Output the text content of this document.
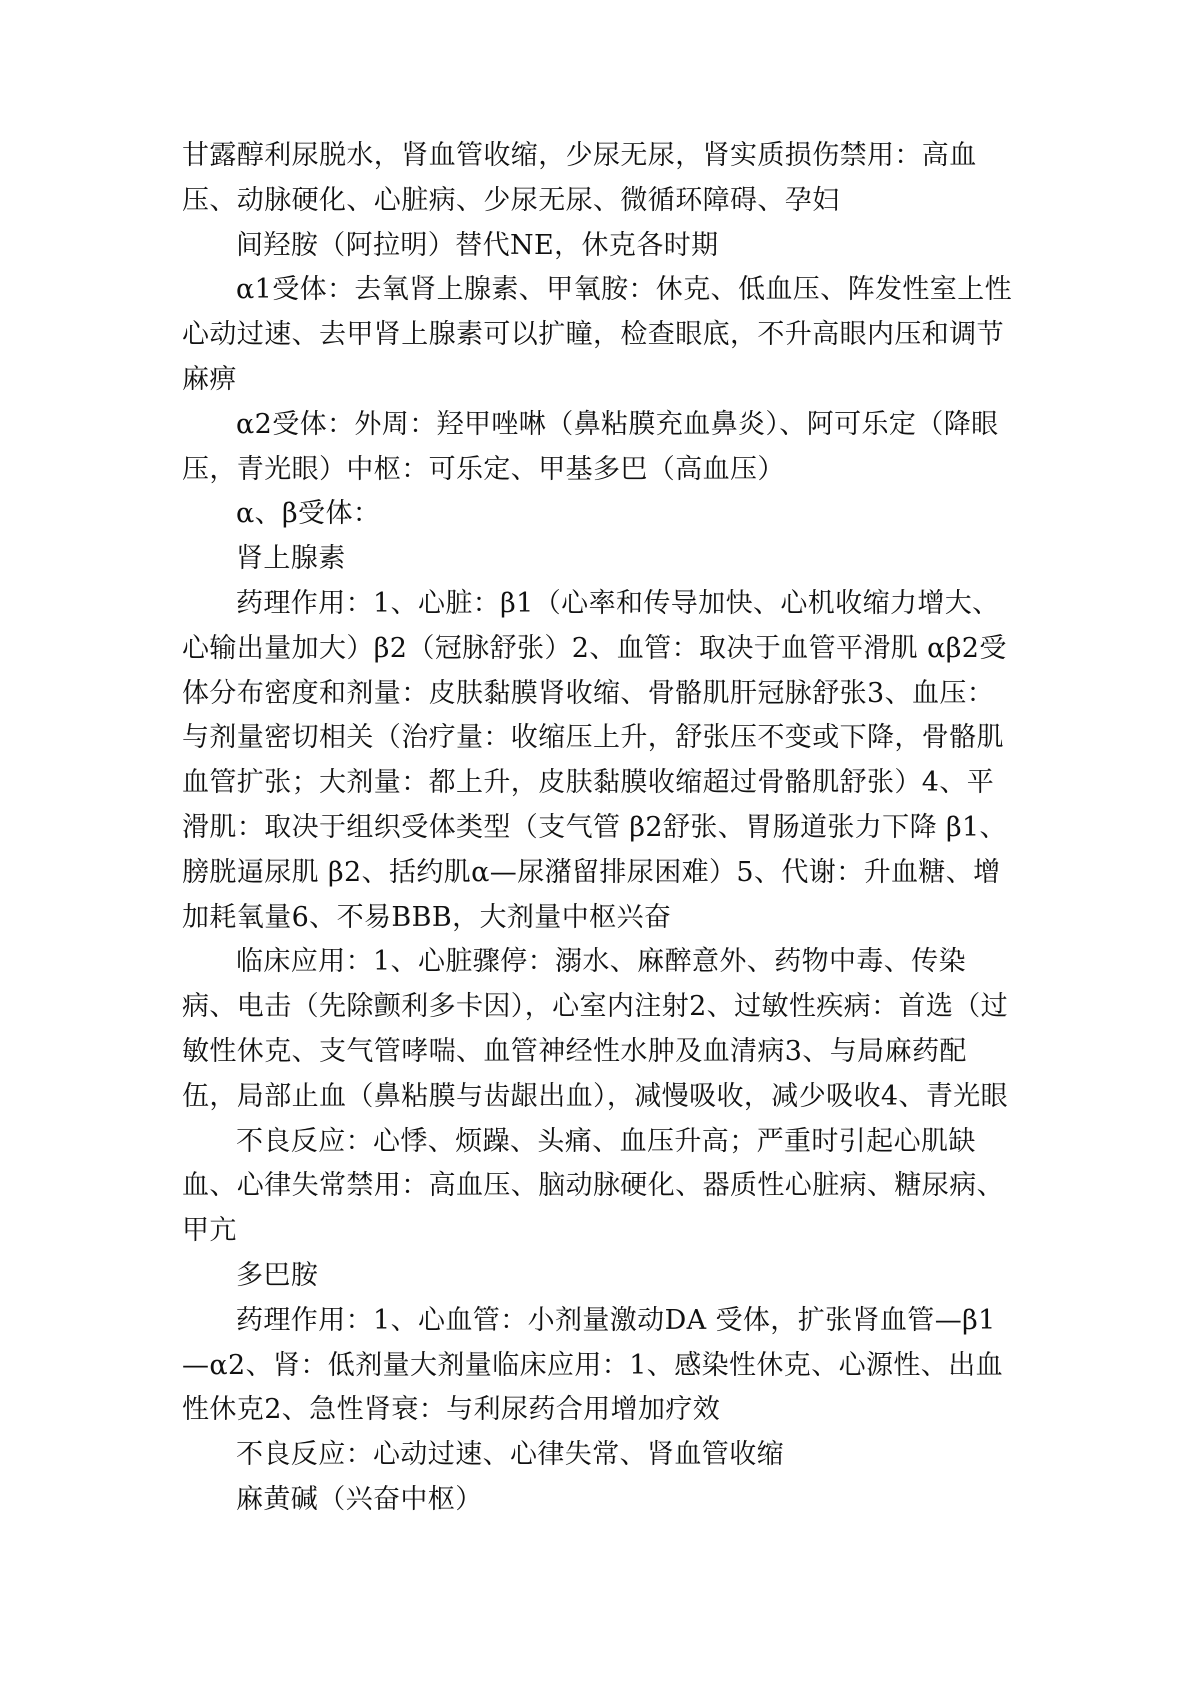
甘露醇利尿脱水，肾血管收缩，少尿无尿，肾实质损伤禁用：高血压、动脉硬化、心脏病、少尿无尿、微循环障碍、孕妇

间羟胺（阿拉明）替代NE，休克各时期

α1受体：去氧肾上腺素、甲氧胺：休克、低血压、阵发性室上性心动过速、去甲肾上腺素可以扩瞳，检查眼底，不升高眼内压和调节麻痹

α2受体：外周：羟甲唑啉（鼻粘膜充血鼻炎）、阿可乐定（降眼压，青光眼）中枢：可乐定、甲基多巴（高血压）

α、β受体：

肾上腺素

药理作用：1、心脏：β1（心率和传导加快、心机收缩力增大、心输出量加大）β2（冠脉舒张）2、血管：取决于血管平滑肌 αβ2受体分布密度和剂量：皮肤黏膜肾收缩、骨骼肌肝冠脉舒张3、血压：与剂量密切相关（治疗量：收缩压上升，舒张压不变或下降，骨骼肌血管扩张；大剂量：都上升，皮肤黏膜收缩超过骨骼肌舒张）4、平滑肌：取决于组织受体类型（支气管 β2舒张、胃肠道张力下降 β1、膀胱逼尿肌 β2、括约肌α—尿潴留排尿困难）5、代谢：升血糖、增加耗氧量6、不易BBB，大剂量中枢兴奋

临床应用：1、心脏骤停：溺水、麻醉意外、药物中毒、传染病、电击（先除颤利多卡因），心室内注射2、过敏性疾病：首选（过敏性休克、支气管哮喘、血管神经性水肿及血清病3、与局麻药配伍，局部止血（鼻粘膜与齿龈出血），减慢吸收，减少吸收4、青光眼

不良反应：心悸、烦躁、头痛、血压升高；严重时引起心肌缺血、心律失常禁用：高血压、脑动脉硬化、器质性心脏病、糖尿病、甲亢

多巴胺

药理作用：1、心血管：小剂量激动DA 受体，扩张肾血管—β1—α2、肾：低剂量大剂量临床应用：1、感染性休克、心源性、出血性休克2、急性肾衰：与利尿药合用增加疗效

不良反应：心动过速、心律失常、肾血管收缩

麻黄碱（兴奋中枢）
